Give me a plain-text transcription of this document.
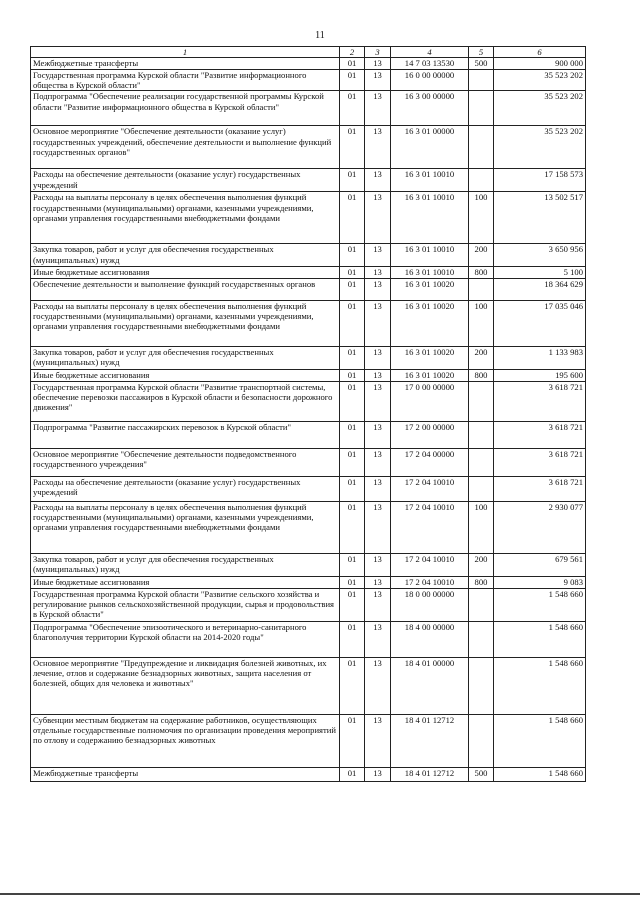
11
1	2	3	4	5	6
Межбюджетные трансферты	01	13	14 7 03 13530	500	900 000
Государственная программа Курской области "Развитие информационного общества в Курской области"	01	13	16 0 00 00000		35 523 202
Подпрограмма "Обеспечение реализации государственной программы Курской области "Развитие информационного общества в Курской области"	01	13	16 3 00 00000		35 523 202
Основное мероприятие "Обеспечение деятельности (оказание услуг) государственных учреждений, обеспечение деятельности и выполнение функций государственных органов"	01	13	16 3 01 00000		35 523 202
Расходы на обеспечение деятельности (оказание услуг) государственных учреждений	01	13	16 3 01 10010		17 158 573
Расходы на выплаты персоналу в целях обеспечения выполнения функций государственными (муниципальными) органами, казенными учреждениями, органами управления государственными внебюджетными фондами	01	13	16 3 01 10010	100	13 502 517
Закупка товаров, работ и услуг для обеспечения государственных (муниципальных) нужд	01	13	16 3 01 10010	200	3 650 956
Иные бюджетные ассигнования	01	13	16 3 01 10010	800	5 100
Обеспечение деятельности и выполнение функций государственных органов	01	13	16 3 01 10020		18 364 629
Расходы на выплаты персоналу в целях обеспечения выполнения функций государственными (муниципальными) органами, казенными учреждениями, органами управления государственными внебюджетными фондами	01	13	16 3 01 10020	100	17 035 046
Закупка товаров, работ и услуг для обеспечения государственных (муниципальных) нужд	01	13	16 3 01 10020	200	1 133 983
Иные бюджетные ассигнования	01	13	16 3 01 10020	800	195 600
Государственная программа Курской области "Развитие транспортной системы, обеспечение перевозки пассажиров в Курской области и безопасности дорожного движения"	01	13	17 0 00 00000		3 618 721
Подпрограмма "Развитие пассажирских перевозок в Курской области"	01	13	17 2 00 00000		3 618 721
Основное мероприятие "Обеспечение деятельности подведомственного государственного учреждения"	01	13	17 2 04 00000		3 618 721
Расходы на обеспечение деятельности (оказание услуг) государственных учреждений	01	13	17 2 04 10010		3 618 721
Расходы на выплаты персоналу в целях обеспечения выполнения функций государственными (муниципальными) органами, казенными учреждениями, органами управления государственными внебюджетными фондами	01	13	17 2 04 10010	100	2 930 077
Закупка товаров, работ и услуг для обеспечения государственных (муниципальных) нужд	01	13	17 2 04 10010	200	679 561
Иные бюджетные ассигнования	01	13	17 2 04 10010	800	9 083
Государственная программа Курской области "Развитие сельского хозяйства и регулирование рынков сельскохозяйственной продукции, сырья и продовольствия в Курской области"	01	13	18 0 00 00000		1 548 660
Подпрограмма "Обеспечение эпизоотического и ветеринарно-санитарного благополучия территории Курской области на 2014-2020 годы"	01	13	18 4 00 00000		1 548 660
Основное мероприятие "Предупреждение и ликвидация болезней животных, их лечение, отлов и содержание безнадзорных животных, защита населения от болезней, общих для человека и животных"	01	13	18 4 01 00000		1 548 660
Субвенции местным бюджетам на содержание работников, осуществляющих отдельные государственные полномочия по организации проведения мероприятий по отлову и содержанию безнадзорных животных	01	13	18 4 01 12712		1 548 660
Межбюджетные трансферты	01	13	18 4 01 12712	500	1 548 660
